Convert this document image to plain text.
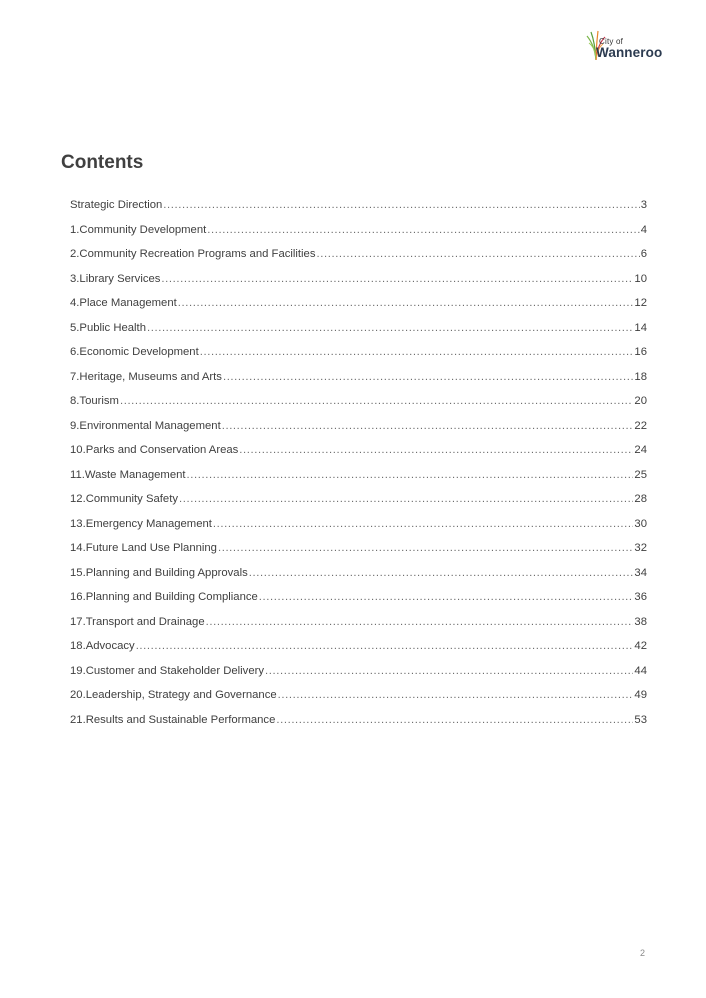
City of
Wanneroo
Contents
Strategic Direction .....	3
1.Community Development .....	4
2.Community Recreation Programs and Facilities .....	6
3.Library Services .....	10
4.Place Management .....	12
5.Public Health .....	14
6.Economic Development .....	16
7.Heritage, Museums and Arts .....	18
8.Tourism .....	20
9.Environmental Management .....	22
10.Parks and Conservation Areas .....	24
11.Waste Management .....	25
12.Community Safety .....	28
13.Emergency Management .....	30
14.Future Land Use Planning .....	32
15.Planning and Building Approvals .....	34
16.Planning and Building Compliance .....	36
17.Transport and Drainage .....	38
18.Advocacy .....	42
19.Customer and Stakeholder Delivery .....	44
20.Leadership, Strategy and Governance .....	49
21.Results and Sustainable Performance .....	53
2
